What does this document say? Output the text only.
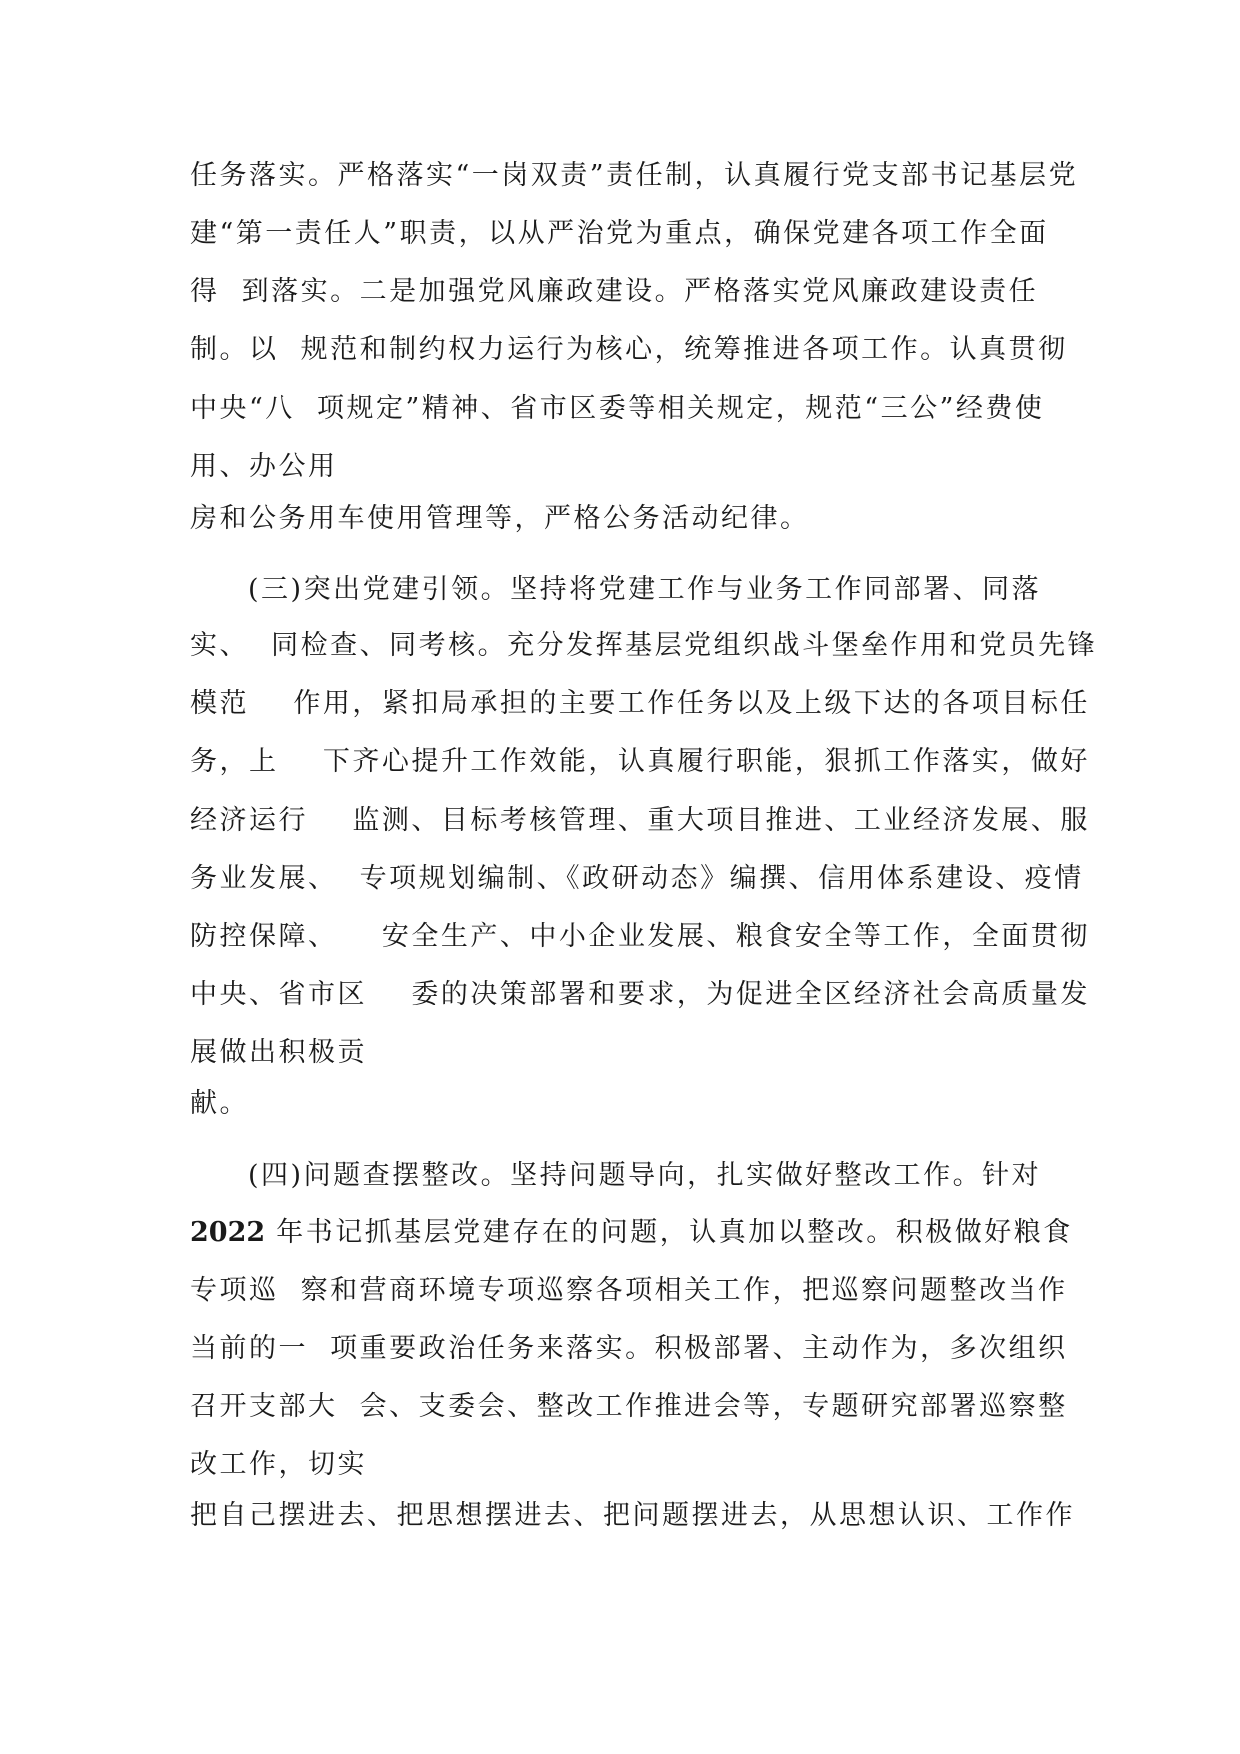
任务落实。严格落实“一岗双责”责任制，认真履行党支部书记基层党
建“第一责任人”职责，以从严治党为重点，确保党建各项工作全面
得  到落实。二是加强党风廉政建设。严格落实党风廉政建设责任
制。以  规范和制约权力运行为核心，统筹推进各项工作。认真贯彻
中央“八  项规定”精神、省市区委等相关规定，规范“三公”经费使
用、办公用
房和公务用车使用管理等，严格公务活动纪律。
(三)突出党建引领。坚持将党建工作与业务工作同部署、同落
实、  同检查、同考核。充分发挥基层党组织战斗堡垒作用和党员先锋
模范    作用，紧扣局承担的主要工作任务以及上级下达的各项目标任
务，上    下齐心提升工作效能，认真履行职能，狠抓工作落实，做好
经济运行    监测、目标考核管理、重大项目推进、工业经济发展、服
务业发展、  专项规划编制、《政研动态》编撰、信用体系建设、疫情
防控保障、    安全生产、中小企业发展、粮食安全等工作，全面贯彻
中央、省市区    委的决策部署和要求，为促进全区经济社会高质量发
展做出积极贡
献。
(四)问题查摆整改。坚持问题导向，扎实做好整改工作。针对
2022 年书记抓基层党建存在的问题，认真加以整改。积极做好粮食
专项巡  察和营商环境专项巡察各项相关工作，把巡察问题整改当作
当前的一  项重要政治任务来落实。积极部署、主动作为，多次组织
召开支部大  会、支委会、整改工作推进会等，专题研究部署巡察整
改工作，切实
把自己摆进去、把思想摆进去、把问题摆进去，从思想认识、工作作
